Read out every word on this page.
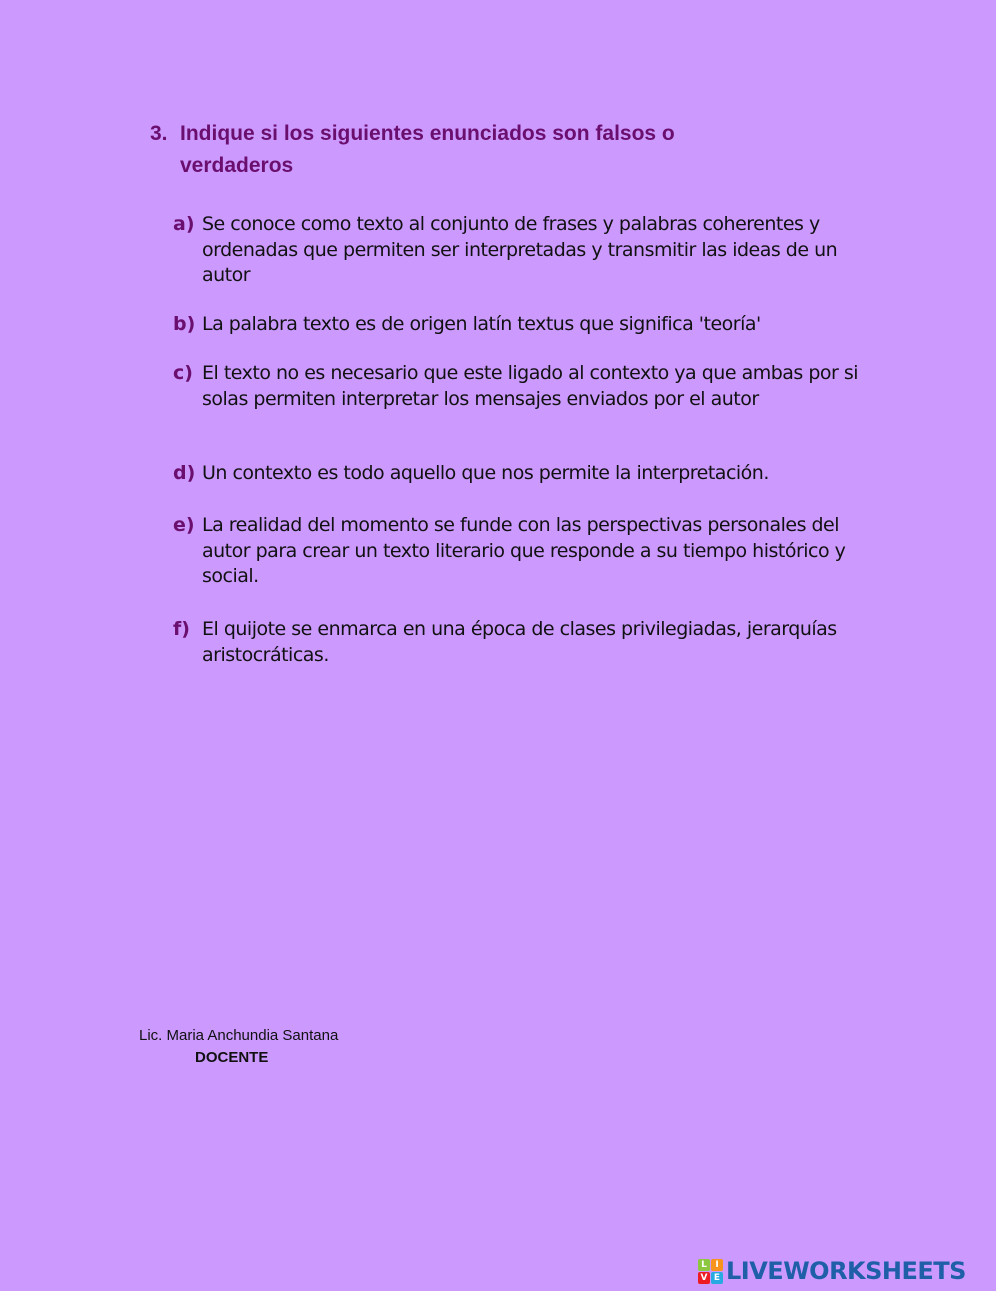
3. Indique si los siguientes enunciados son falsos o
verdaderos
a) Se conoce como texto al conjunto de frases y palabras coherentes y ordenadas que permiten ser interpretadas y transmitir las ideas de un autor
b) La palabra texto es de origen latín textus que significa 'teoría'
c) El texto no es necesario que este ligado al contexto ya que ambas por si solas permiten interpretar los mensajes enviados por el autor
d) Un contexto es todo aquello que nos permite la interpretación.
e) La realidad del momento se funde con las perspectivas personales del autor para crear un texto literario que responde a su tiempo histórico y social.
f) El quijote se enmarca en una época de clases privilegiadas, jerarquías aristocráticas.
Lic. Maria Anchundia Santana
DOCENTE
L I
V E LIVEWORKSHEETS
